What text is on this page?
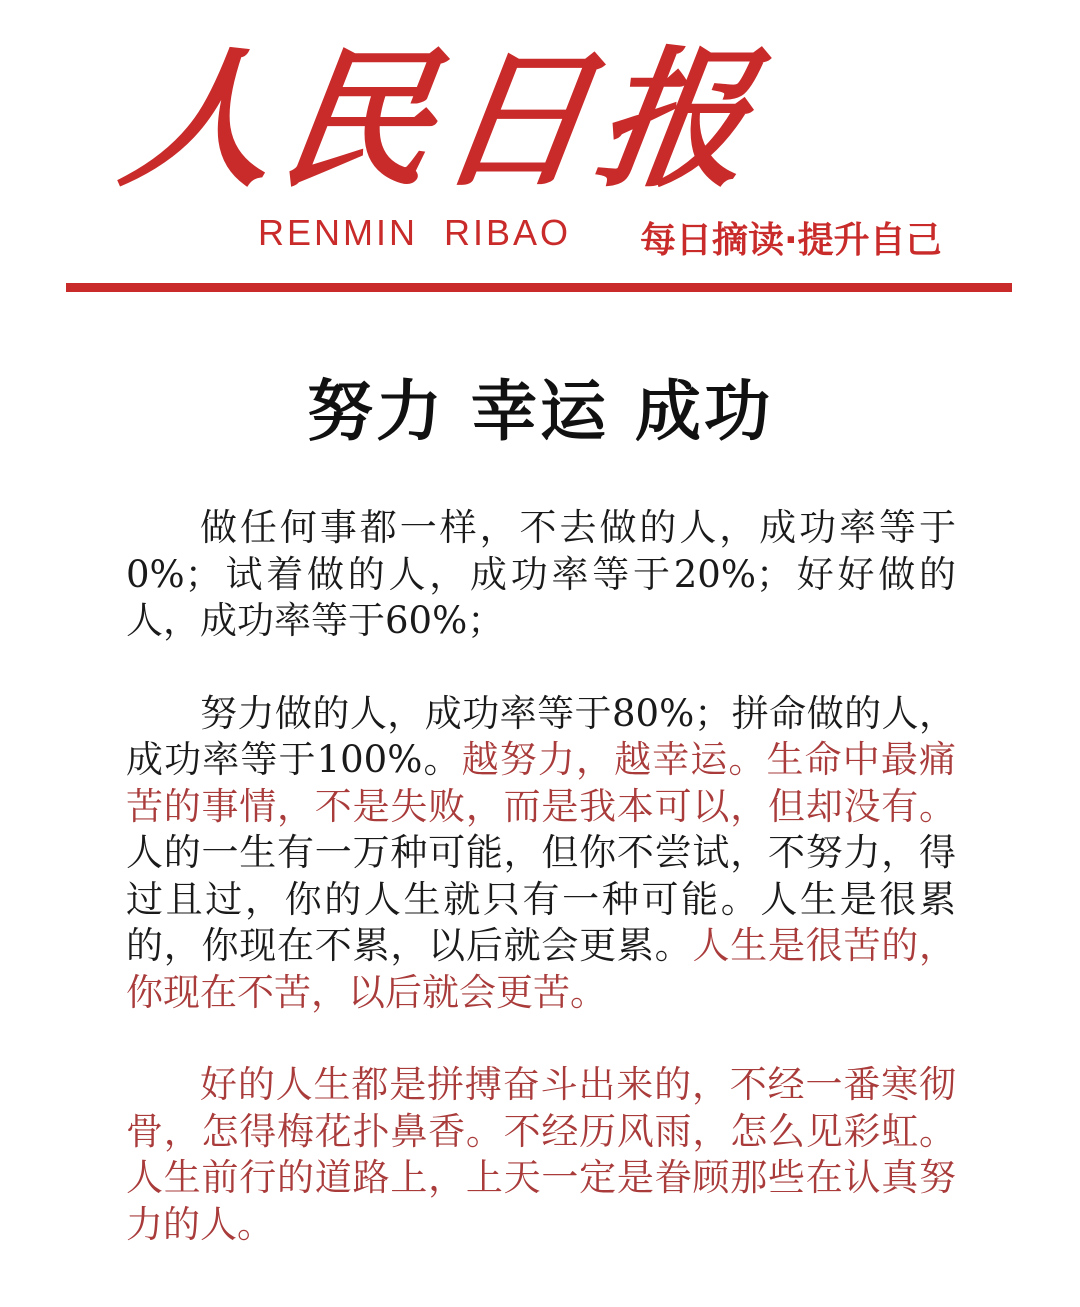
人民日报
RENMIN  RIBAO 每日摘读·提升自己
努力 幸运 成功

做任何事都一样，不去做的人，成功率等于0%；试着做的人，成功率等于20%；好好做的人，成功率等于60%；

努力做的人，成功率等于80%；拼命做的人，成功率等于100%。越努力，越幸运。生命中最痛苦的事情，不是失败，而是我本可以，但却没有。人的一生有一万种可能，但你不尝试，不努力，得过且过，你的人生就只有一种可能。人生是很累的，你现在不累，以后就会更累。人生是很苦的，你现在不苦，以后就会更苦。

好的人生都是拼搏奋斗出来的，不经一番寒彻骨，怎得梅花扑鼻香。不经历风雨，怎么见彩虹。人生前行的道路上，上天一定是眷顾那些在认真努力的人。
